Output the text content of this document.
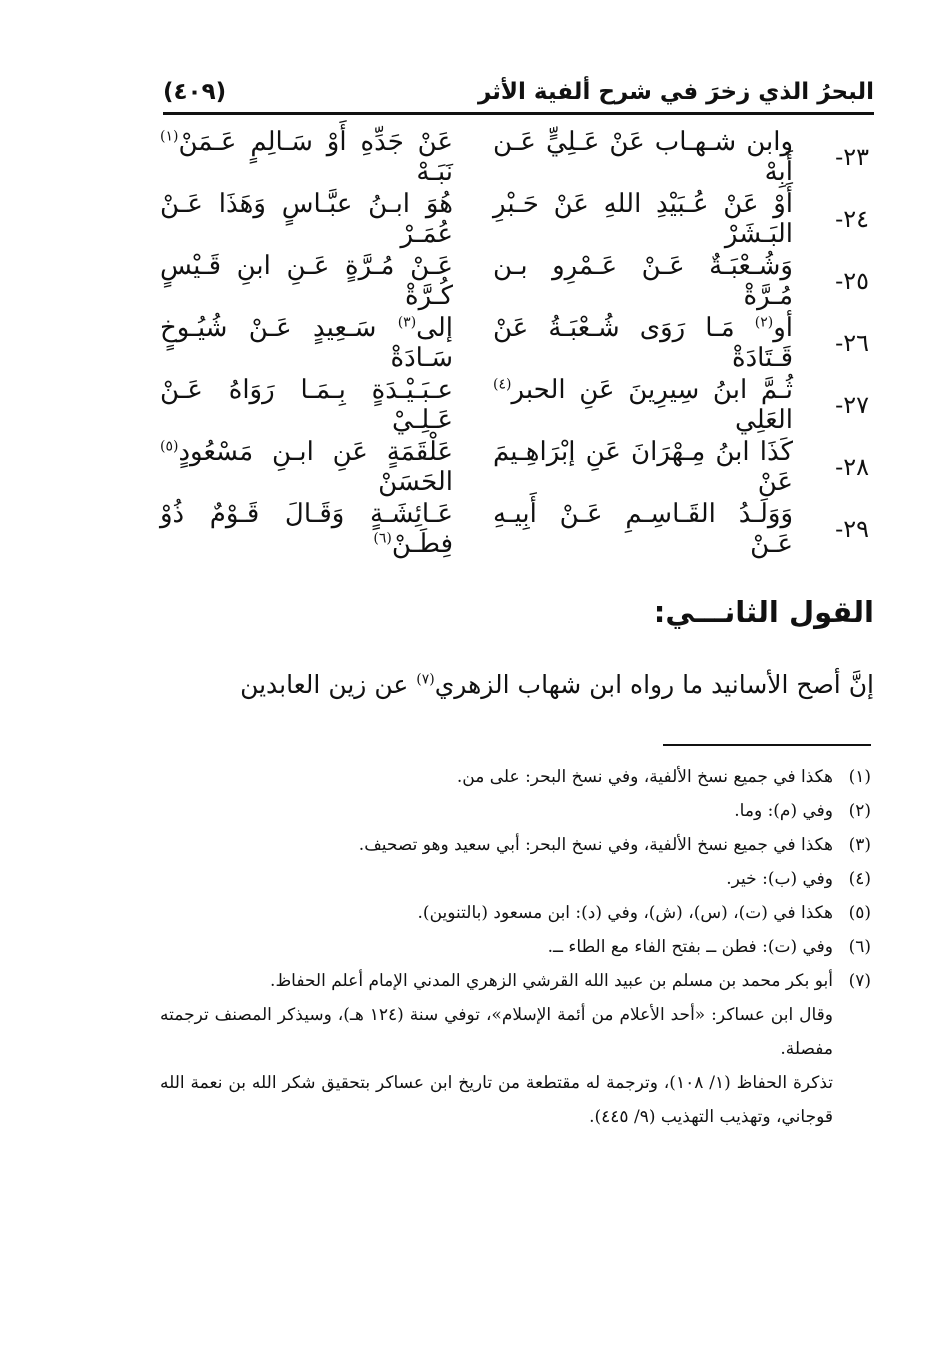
البحرُ الذي زخرَ في شرح ألفية الأثر
(٤٠٩)
٢٣-
وابن شـهـاب عَنْ عَـلِيٍّ عَـن أَبِهْ
عَنْ جَدِّهِ أَوْ سَـالِمٍ عَـمَنْ$^{(١)}$ نَبَـهْ
٢٤-
أَوْ عَنْ عُـبَيْدِ اللهِ عَنْ حَـبْرِ البَـشَرْ
هُوَ ابـنُ عبَّـاسٍ وَهَذَا عَـنْ عُمَـرْ
٢٥-
وَشُـعْبَـةٌ عَـنْ عَـمْرِو بـن مُـرَّةْ
عَـنْ مُـرَّةٍ عَـنِ ابنِ قَـيْسٍ كُـرَّةْ
٢٦-
أو$^{(٢)}$ مَـا رَوَى شُـعْبَـةُ عَنْ قَـتَادَةْ
إلى$^{(٣)}$ سَـعِيدٍ عَـنْ شُيُـوخٍ سَـادَةْ
٢٧-
ثُـمَّ ابنُ سِيرِينَ عَنِ الحبر$^{(٤)}$ العَلِي
عـبَـيْـدَةٍ بِـمَـا رَوَاهُ عَـنْ عَـلِـيْ
٢٨-
كَذَا ابنُ مِـهْرَانَ عَنِ إبْرَاهِـيمَ عَنْ
عَلْقَمَةٍ عَنِ ابـنِ مَسْعُودٍ$^{(٥)}$ الحَسَنْ
٢٩-
وَوَلَـدُ القَـاسِـمِ عَـنْ أَبِيـهِ عَـنْ
عَـائِشَـةٍ وَقَـالَ قَـوْمٌ ذُوْ فِطَـنْ$^{(٦)}$
القول الثانـــي:
إنَّ أصح الأسانيد ما رواه ابن شهاب الزهري$^{(٧)}$ عن زين العابدين
(١)
هكذا في جميع نسخ الألفية، وفي نسخ البحر: على من.
(٢)
وفي (م): وما.
(٣)
هكذا في جميع نسخ الألفية، وفي نسخ البحر: أبي سعيد وهو تصحيف.
(٤)
وفي (ب): خير.
(٥)
هكذا في (ت)، (س)، (ش)، وفي (د): ابن مسعود (بالتنوين).
(٦)
وفي (ت): فطن ــ بفتح الفاء مع الطاء ــ.
(٧)
أبو بكر محمد بن مسلم بن عبيد الله القرشي الزهري المدني الإمام أعلم الحفاظ.
وقال ابن عساكر: «أحد الأعلام من أئمة الإسلام»، توفي سنة (١٢٤ هـ)، وسيذكر المصنف ترجمته مفصلة.
تذكرة الحفاظ (١/ ١٠٨)، وترجمة له مقتطعة من تاريخ ابن عساكر بتحقيق شكر الله بن نعمة الله قوجاني، وتهذيب التهذيب (٩/ ٤٤٥).
